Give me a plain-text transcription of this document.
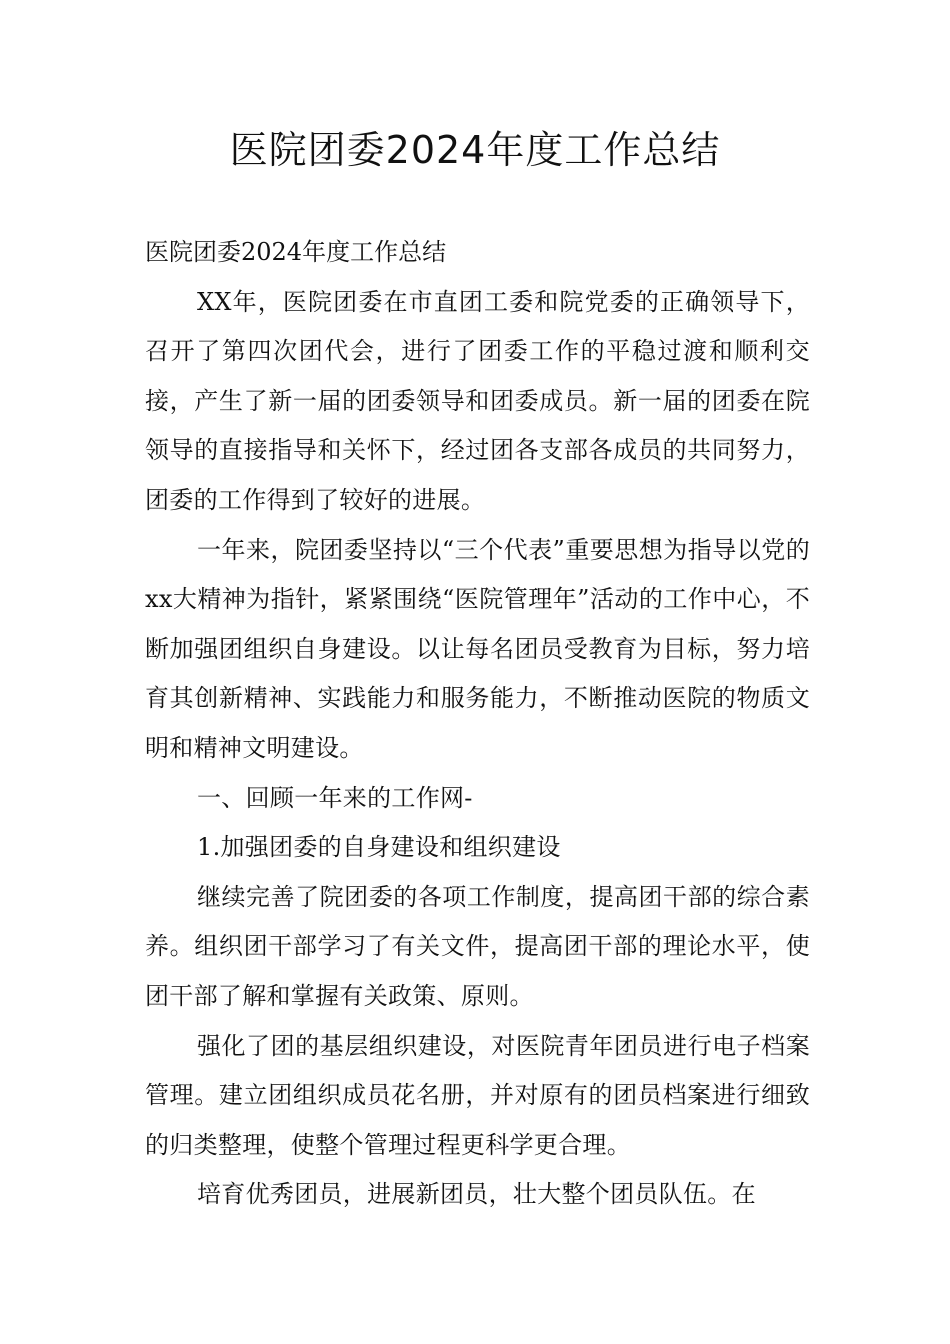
医院团委2024年度工作总结

医院团委2024年度工作总结

XX年，医院团委在市直团工委和院党委的正确领导下，召开了第四次团代会，进行了团委工作的平稳过渡和顺利交接，产生了新一届的团委领导和团委成员。新一届的团委在院领导的直接指导和关怀下，经过团各支部各成员的共同努力，团委的工作得到了较好的进展。

一年来，院团委坚持以“三个代表”重要思想为指导以党的xx大精神为指针，紧紧围绕“医院管理年”活动的工作中心，不断加强团组织自身建设。以让每名团员受教育为目标，努力培育其创新精神、实践能力和服务能力，不断推动医院的物质文明和精神文明建设。

一、回顾一年来的工作网-

1.加强团委的自身建设和组织建设

继续完善了院团委的各项工作制度，提高团干部的综合素养。组织团干部学习了有关文件，提高团干部的理论水平，使团干部了解和掌握有关政策、原则。

强化了团的基层组织建设，对医院青年团员进行电子档案管理。建立团组织成员花名册，并对原有的团员档案进行细致的归类整理，使整个管理过程更科学更合理。

培育优秀团员，进展新团员，壮大整个团员队伍。在
